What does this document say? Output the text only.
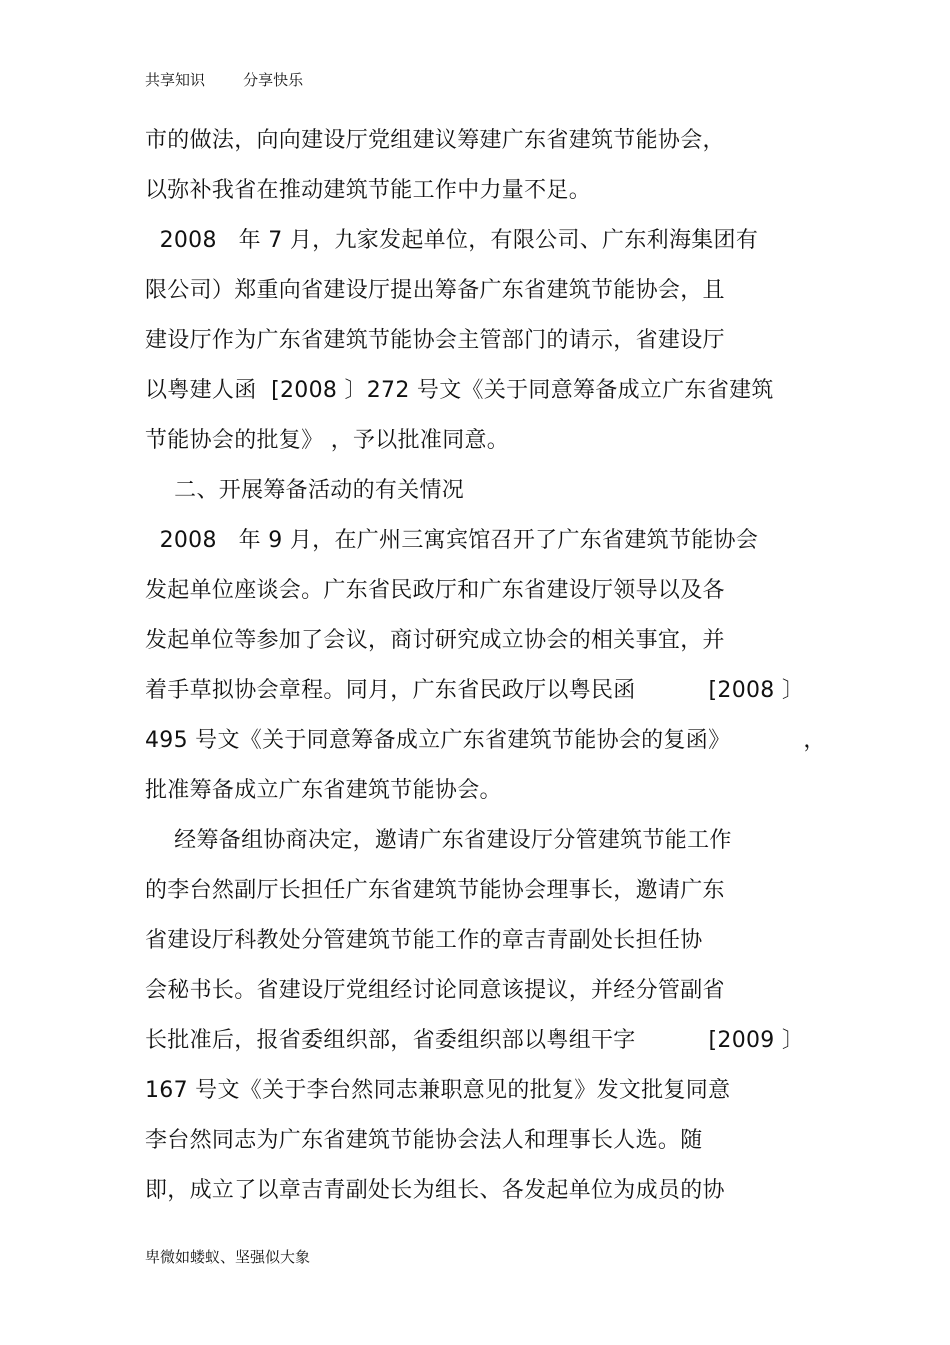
共享知识	分享快乐
市的做法，向向建设厅党组建议筹建广东省建筑节能协会，
以弥补我省在推动建筑节能工作中力量不足。
2008   年 7 月，九家发起单位，有限公司、广东利海集团有
限公司）郑重向省建设厅提出筹备广东省建筑节能协会，且
建设厅作为广东省建筑节能协会主管部门的请示，省建设厅
以粤建人函  [2008 〕272 号文《关于同意筹备成立广东省建筑
节能协会的批复》 ，予以批准同意。
二、开展筹备活动的有关情况
2008   年 9 月，在广州三寓宾馆召开了广东省建筑节能协会
发起单位座谈会。广东省民政厅和广东省建设厅领导以及各
发起单位等参加了会议，商讨研究成立协会的相关事宜，并
着手草拟协会章程。同月，广东省民政厅以粤民函          [2008 〕
495 号文《关于同意筹备成立广东省建筑节能协会的复函》          ，
批准筹备成立广东省建筑节能协会。
经筹备组协商决定，邀请广东省建设厅分管建筑节能工作
的李台然副厅长担任广东省建筑节能协会理事长，邀请广东
省建设厅科教处分管建筑节能工作的章吉青副处长担任协
会秘书长。省建设厅党组经讨论同意该提议，并经分管副省
长批准后，报省委组织部，省委组织部以粤组干字          [2009 〕
167 号文《关于李台然同志兼职意见的批复》发文批复同意
李台然同志为广东省建筑节能协会法人和理事长人选。随
即，成立了以章吉青副处长为组长、各发起单位为成员的协
卑微如蝼蚁、坚强似大象
